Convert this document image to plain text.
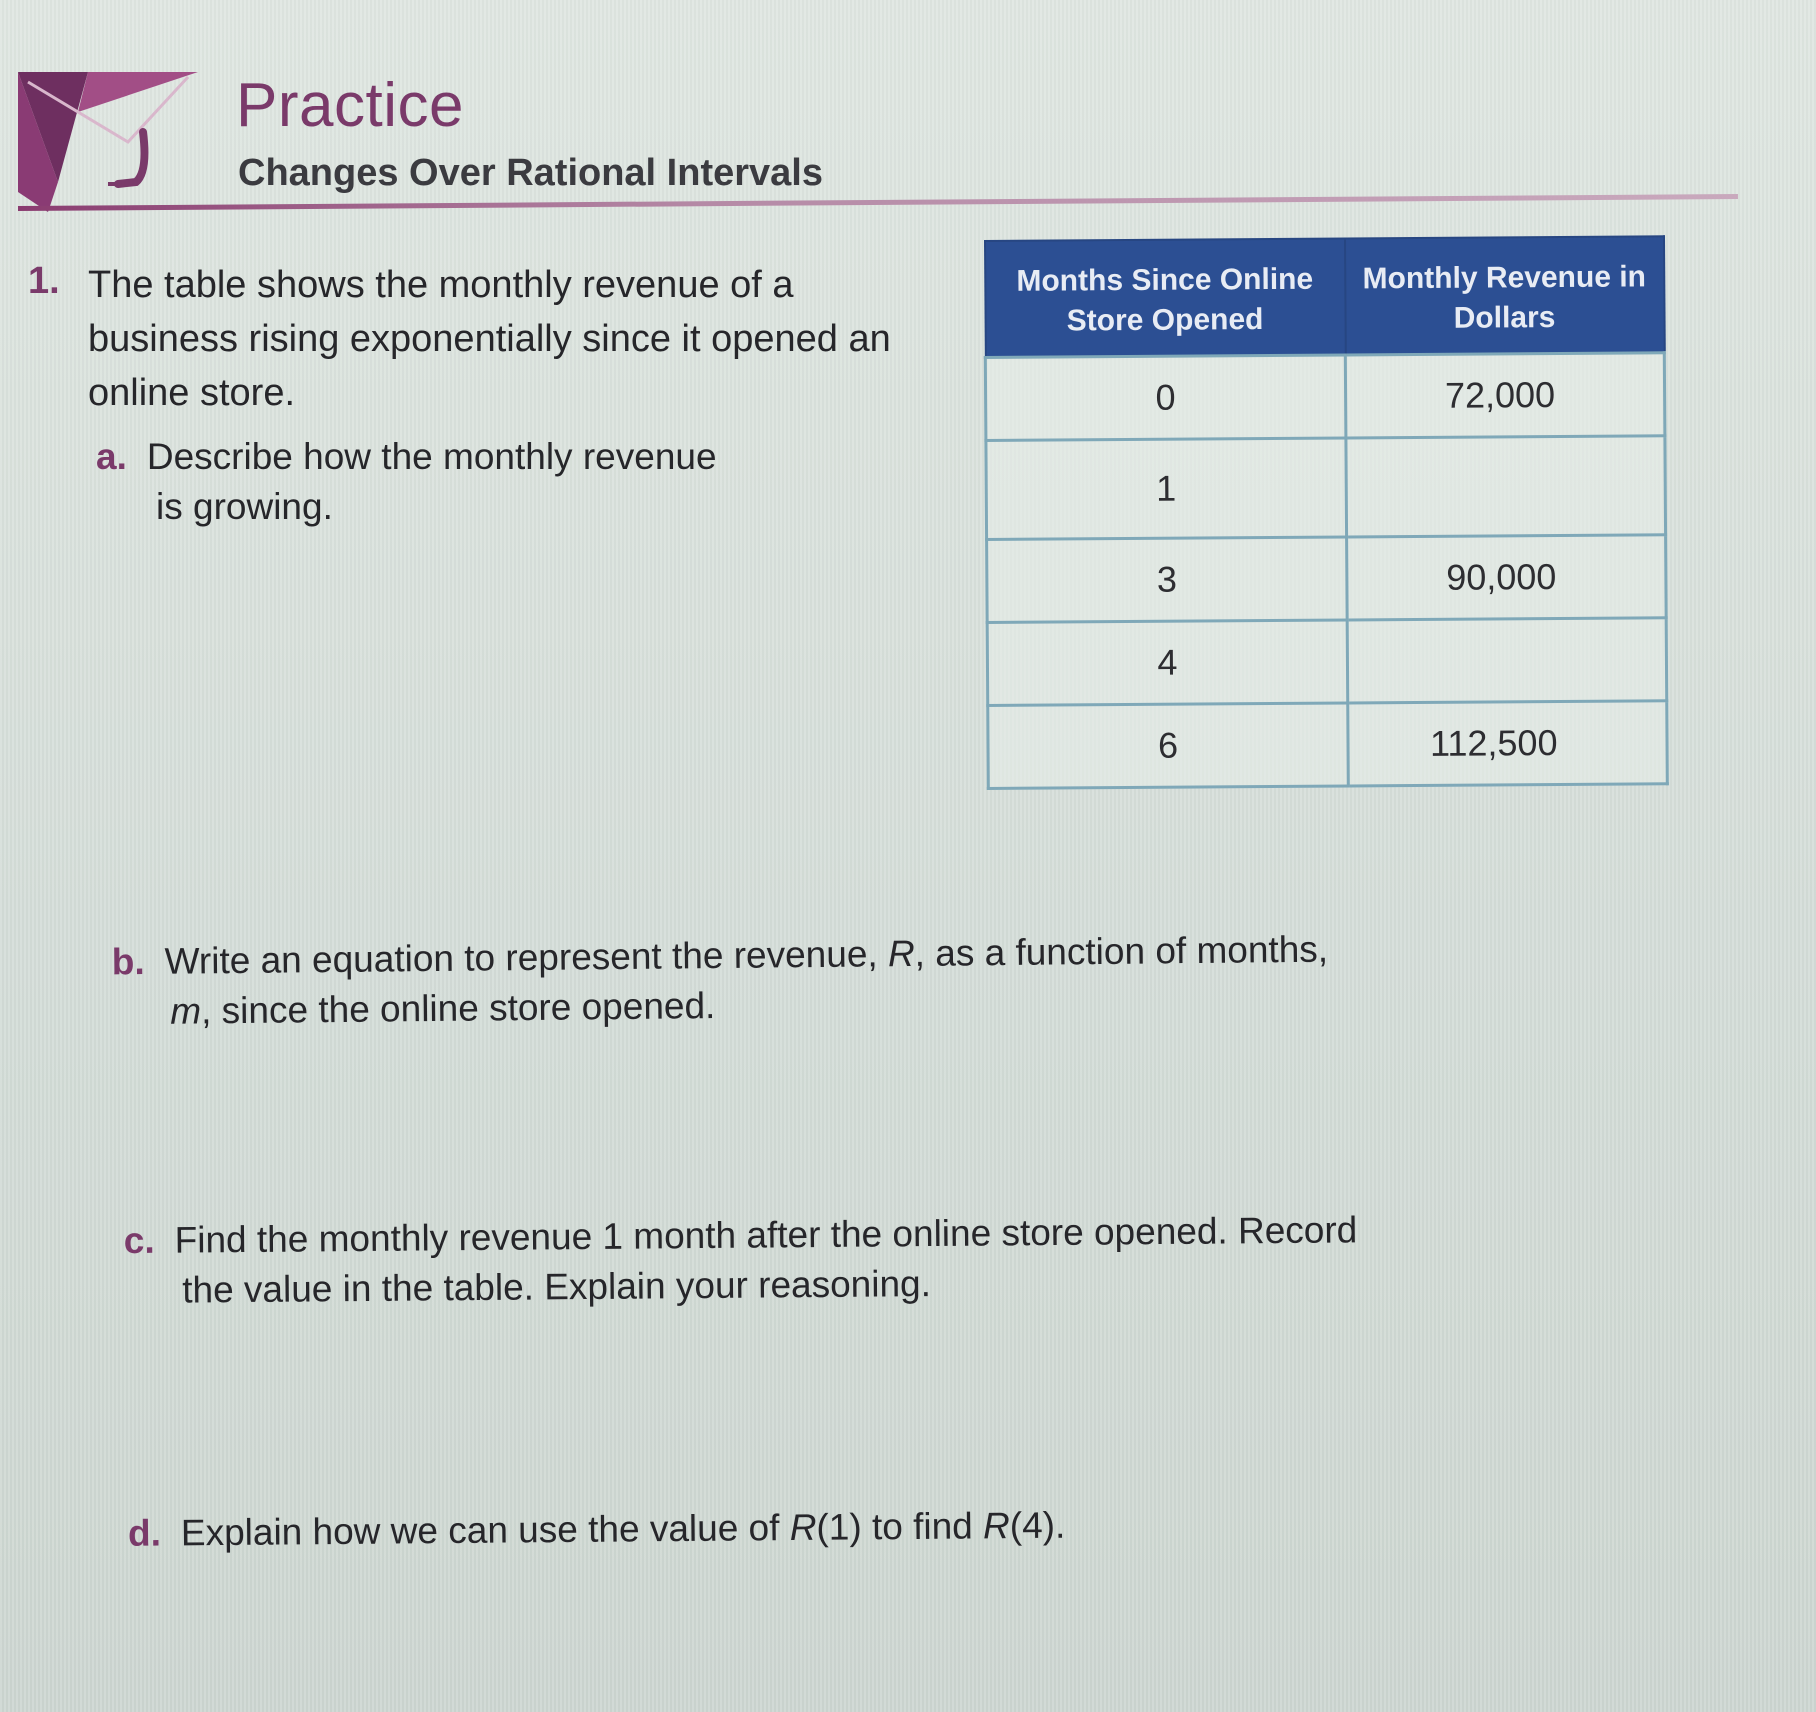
Practice
Changes Over Rational Intervals
1. The table shows the monthly revenue of a business rising exponentially since it opened an online store.
a. Describe how the monthly revenue
is growing.
Months Since Online Store Opened	Monthly Revenue in Dollars
0	72,000
1	
3	90,000
4	
6	112,500
b. Write an equation to represent the revenue, R, as a function of months,
m, since the online store opened.
c. Find the monthly revenue 1 month after the online store opened. Record
the value in the table. Explain your reasoning.
d. Explain how we can use the value of R(1) to find R(4).
